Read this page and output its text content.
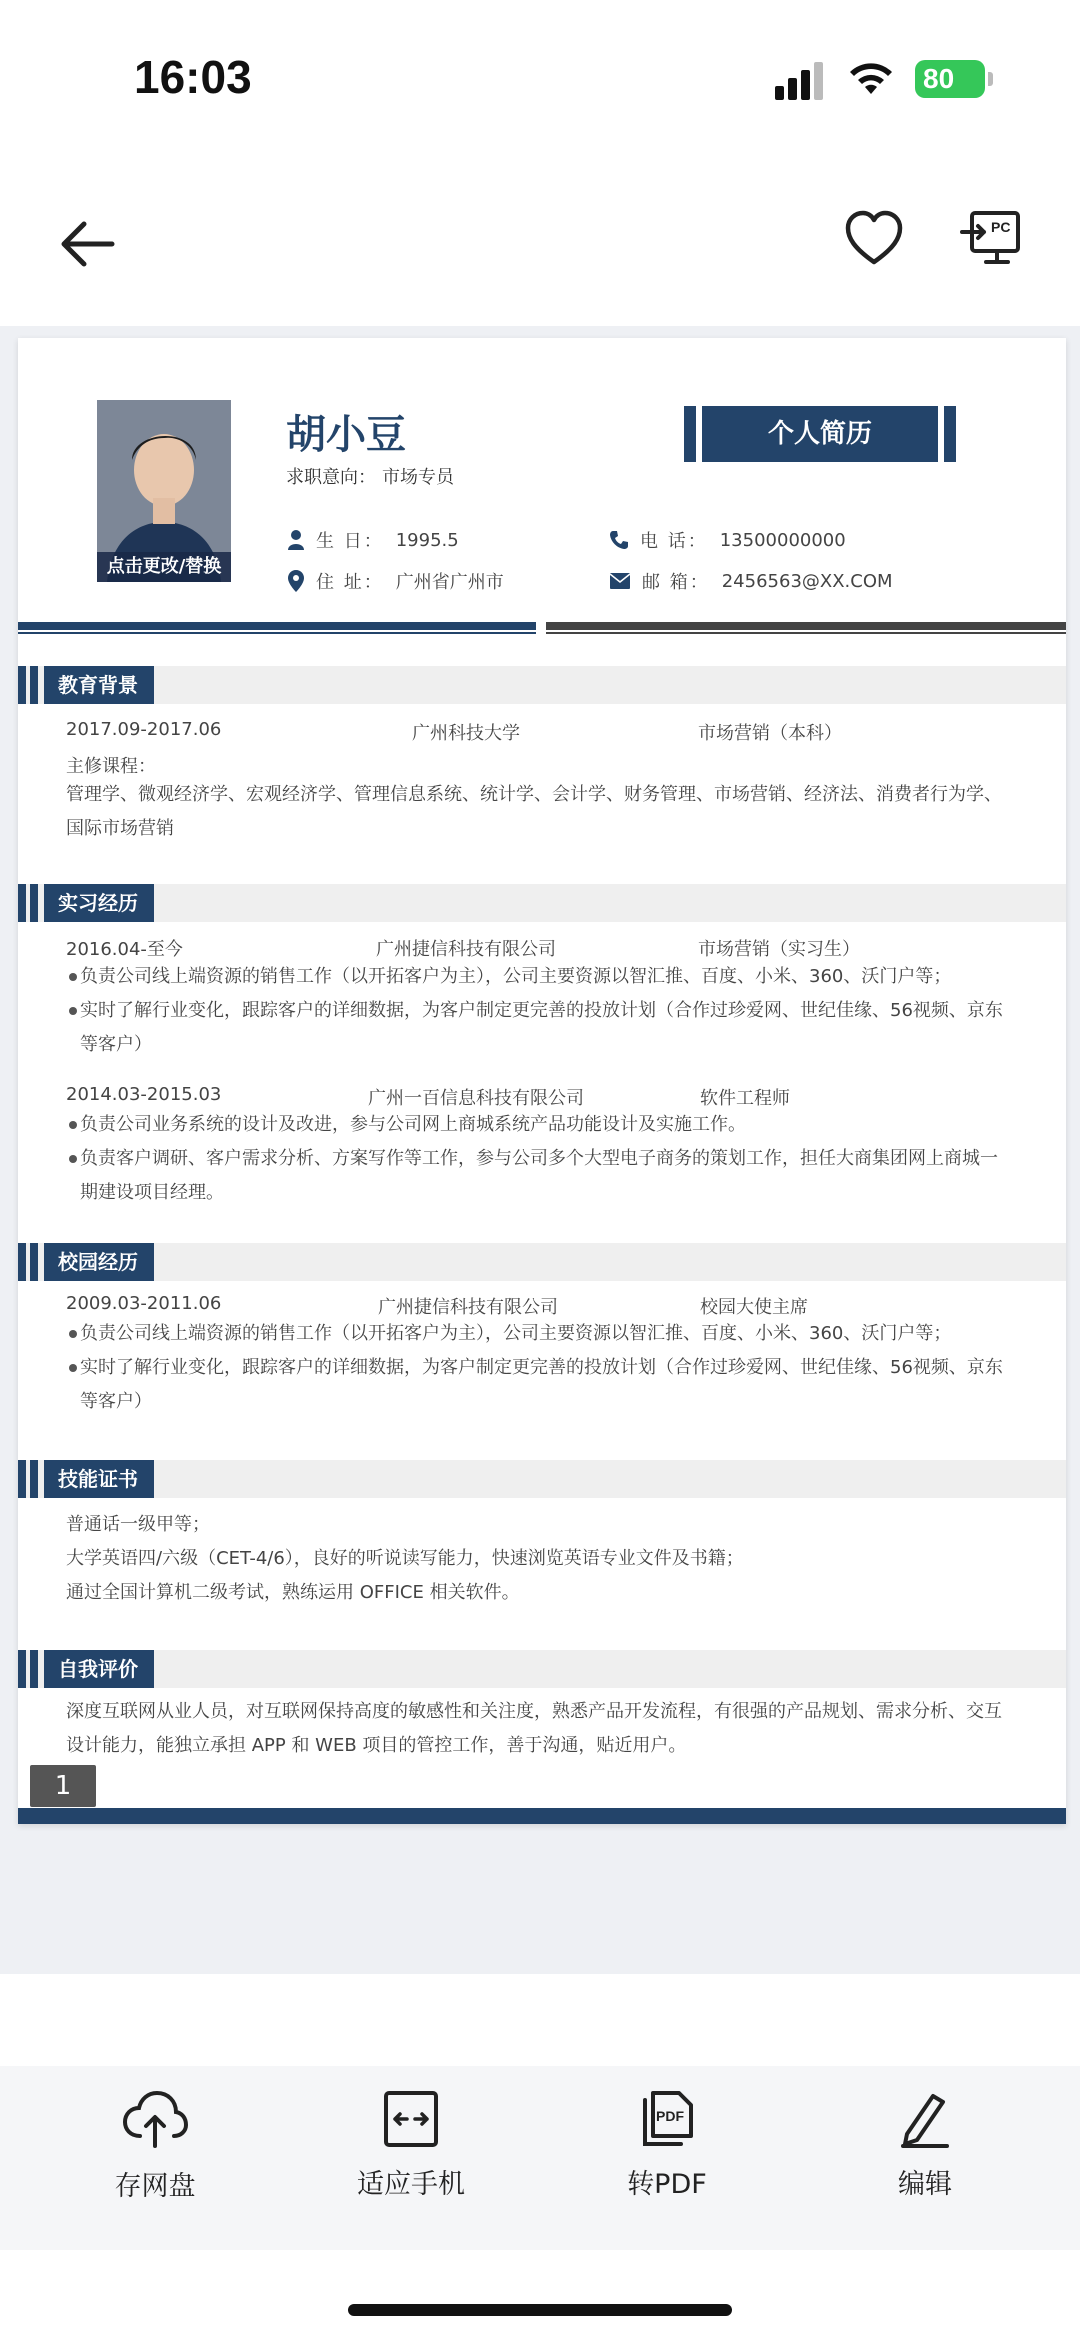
16:03	80
PC
点击更改/替换
胡小豆
求职意向： 市场专员
个人简历
生 日： 1995.5
住 址： 广州省广州市
电 话： 13500000000
邮 箱： 2456563@XX.COM
教育背景
2017.09-2017.06	广州科技大学	市场营销（本科）
主修课程：
管理学、微观经济学、宏观经济学、管理信息系统、统计学、会计学、财务管理、市场营销、经济法、消费者行为学、国际市场营销
实习经历
2016.04-至今	广州捷信科技有限公司	市场营销（实习生）
负责公司线上端资源的销售工作（以开拓客户为主），公司主要资源以智汇推、百度、小米、360、沃门户等；
实时了解行业变化，跟踪客户的详细数据，为客户制定更完善的投放计划（合作过珍爱网、世纪佳缘、56视频、京东等客户）
2014.03-2015.03	广州一百信息科技有限公司	软件工程师
负责公司业务系统的设计及改进，参与公司网上商城系统产品功能设计及实施工作。
负责客户调研、客户需求分析、方案写作等工作，参与公司多个大型电子商务的策划工作，担任大商集团网上商城一期建设项目经理。
校园经历
2009.03-2011.06	广州捷信科技有限公司	校园大使主席
负责公司线上端资源的销售工作（以开拓客户为主），公司主要资源以智汇推、百度、小米、360、沃门户等；
实时了解行业变化，跟踪客户的详细数据，为客户制定更完善的投放计划（合作过珍爱网、世纪佳缘、56视频、京东等客户）
技能证书
普通话一级甲等；
大学英语四/六级（CET-4/6），良好的听说读写能力，快速浏览英语专业文件及书籍；
通过全国计算机二级考试，熟练运用 OFFICE 相关软件。
自我评价
深度互联网从业人员，对互联网保持高度的敏感性和关注度，熟悉产品开发流程，有很强的产品规划、需求分析、交互设计能力，能独立承担 APP 和 WEB 项目的管控工作，善于沟通，贴近用户。
1
存网盘	适应手机
PDF
转PDF	编辑
